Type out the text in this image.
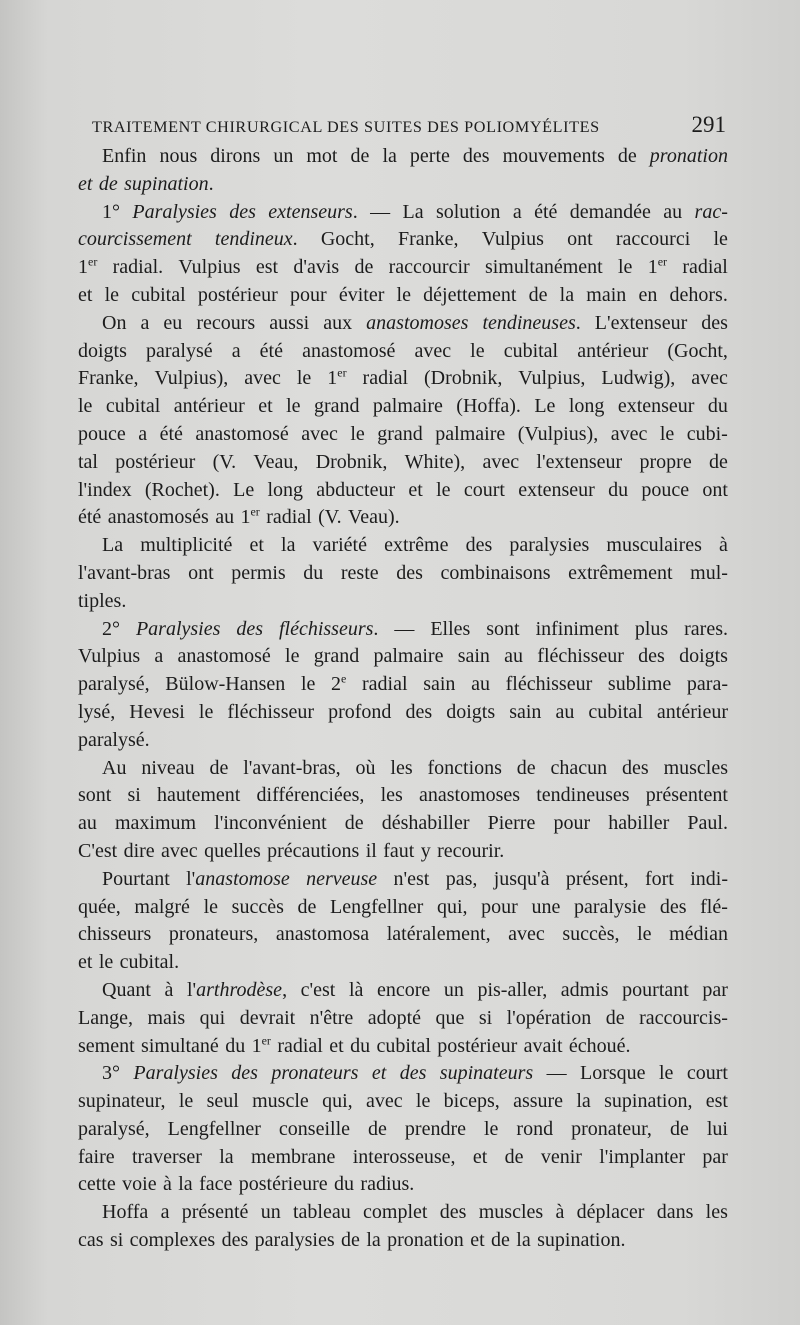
TRAITEMENT CHIRURGICAL DES SUITES DES POLIOMYÉLITES	291
Enfin nous dirons un mot de la perte des mouvements de pronation
et de supination.
1° Paralysies des extenseurs. — La solution a été demandée au rac-
courcissement tendineux. Gocht, Franke, Vulpius ont raccourci le
1er radial. Vulpius est d'avis de raccourcir simultanément le 1er radial
et le cubital postérieur pour éviter le déjettement de la main en dehors.
On a eu recours aussi aux anastomoses tendineuses. L'extenseur des
doigts paralysé a été anastomosé avec le cubital antérieur (Gocht,
Franke, Vulpius), avec le 1er radial (Drobnik, Vulpius, Ludwig), avec
le cubital antérieur et le grand palmaire (Hoffa). Le long extenseur du
pouce a été anastomosé avec le grand palmaire (Vulpius), avec le cubi-
tal postérieur (V. Veau, Drobnik, White), avec l'extenseur propre de
l'index (Rochet). Le long abducteur et le court extenseur du pouce ont
été anastomosés au 1er radial (V. Veau).
La multiplicité et la variété extrême des paralysies musculaires à
l'avant-bras ont permis du reste des combinaisons extrêmement mul-
tiples.
2° Paralysies des fléchisseurs. — Elles sont infiniment plus rares.
Vulpius a anastomosé le grand palmaire sain au fléchisseur des doigts
paralysé, Bülow-Hansen le 2e radial sain au fléchisseur sublime para-
lysé, Hevesi le fléchisseur profond des doigts sain au cubital antérieur
paralysé.
Au niveau de l'avant-bras, où les fonctions de chacun des muscles
sont si hautement différenciées, les anastomoses tendineuses présentent
au maximum l'inconvénient de déshabiller Pierre pour habiller Paul.
C'est dire avec quelles précautions il faut y recourir.
Pourtant l'anastomose nerveuse n'est pas, jusqu'à présent, fort indi-
quée, malgré le succès de Lengfellner qui, pour une paralysie des flé-
chisseurs pronateurs, anastomosa latéralement, avec succès, le médian
et le cubital.
Quant à l'arthrodèse, c'est là encore un pis-aller, admis pourtant par
Lange, mais qui devrait n'être adopté que si l'opération de raccourcis-
sement simultané du 1er radial et du cubital postérieur avait échoué.
3° Paralysies des pronateurs et des supinateurs — Lorsque le court
supinateur, le seul muscle qui, avec le biceps, assure la supination, est
paralysé, Lengfellner conseille de prendre le rond pronateur, de lui
faire traverser la membrane interosseuse, et de venir l'implanter par
cette voie à la face postérieure du radius.
Hoffa a présenté un tableau complet des muscles à déplacer dans les
cas si complexes des paralysies de la pronation et de la supination.
